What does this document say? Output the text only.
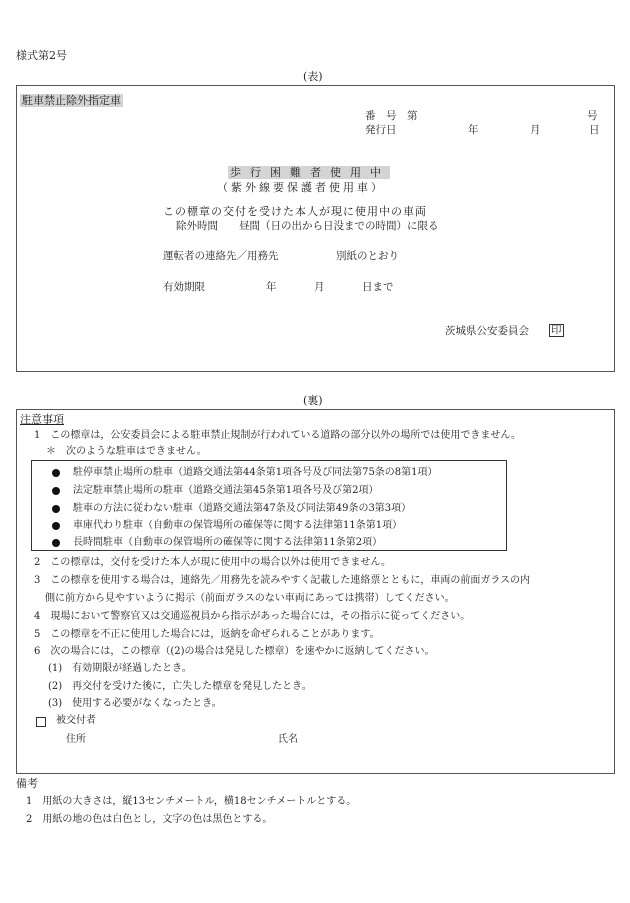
様式第2号
(表)
駐車禁止除外指定車
番　号　第	号
発行日	年	月	日
歩行困難者使用中
（紫外線要保護者使用車）
この標章の交付を受けた本人が現に使用中の車両
除外時間　　昼間（日の出から日没までの時間）に限る
運転者の連絡先／用務先	別紙のとおり
有効期限	年	月	日まで
茨城県公安委員会 印
(裏)
注意事項
1　この標章は，公安委員会による駐車禁止規制が行われている道路の部分以外の場所では使用できません。
＊　次のような駐車はできません。
駐停車禁止場所の駐車（道路交通法第44条第1項各号及び同法第75条の8第1項）
法定駐車禁止場所の駐車（道路交通法第45条第1項各号及び第2項）
駐車の方法に従わない駐車（道路交通法第47条及び同法第49条の3第3項）
車庫代わり駐車（自動車の保管場所の確保等に関する法律第11条第1項）
長時間駐車（自動車の保管場所の確保等に関する法律第11条第2項）
2　この標章は，交付を受けた本人が現に使用中の場合以外は使用できません。
3　この標章を使用する場合は，連絡先／用務先を読みやすく記載した連絡票とともに，車両の前面ガラスの内
側に前方から見やすいように掲示（前面ガラスのない車両にあっては携帯）してください。
4　現場において警察官又は交通巡視員から指示があった場合には，その指示に従ってください。
5　この標章を不正に使用した場合には，返納を命ぜられることがあります。
6　次の場合には，この標章（(2)の場合は発見した標章）を速やかに返納してください。
(1)　有効期限が経過したとき。
(2)　再交付を受けた後に，亡失した標章を発見したとき。
(3)　使用する必要がなくなったとき。
被交付者
住所	氏名
備考
1　用紙の大きさは，縦13センチメートル，横18センチメートルとする。
2　用紙の地の色は白色とし，文字の色は黒色とする。
